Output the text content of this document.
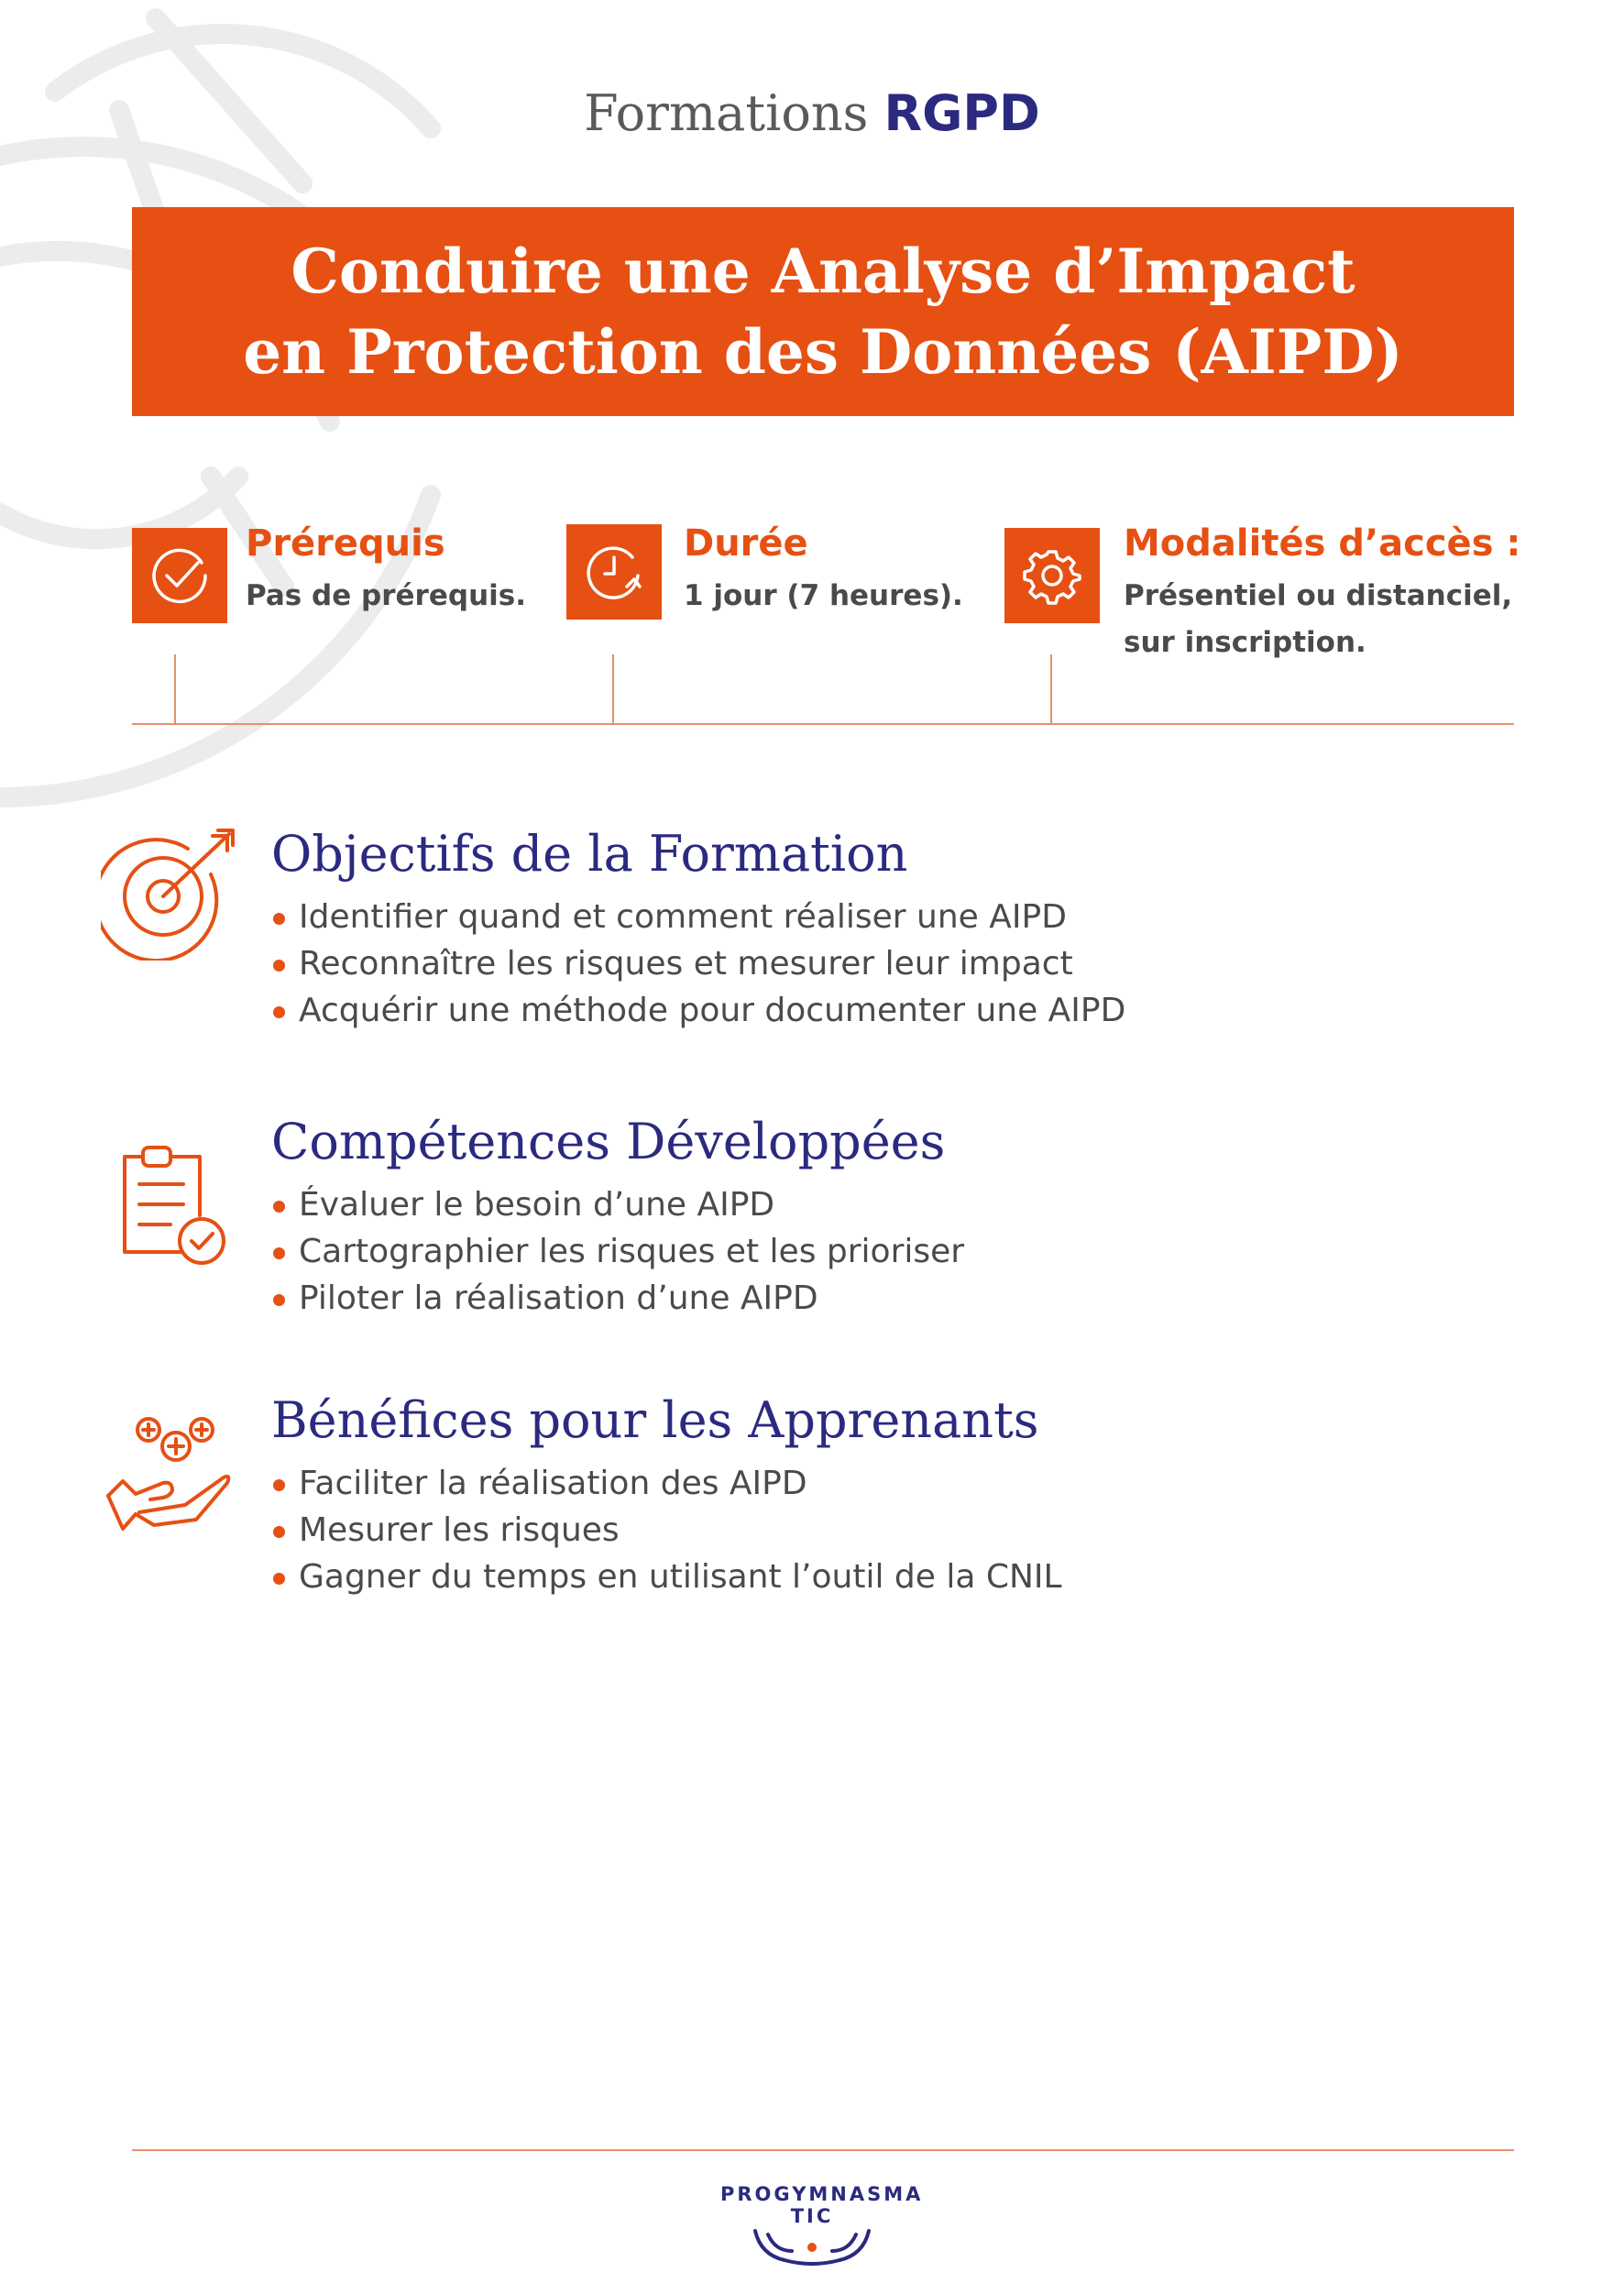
Formations RGPD
Conduire une Analyse d’Impact
en Protection des Données (AIPD)
Prérequis
Pas de prérequis.
Durée
1 jour (7 heures).
Modalités d’accès :
Présentiel ou distanciel,
sur inscription.
Objectifs de la Formation
Identifier quand et comment réaliser une AIPD
Reconnaître les risques et mesurer leur impact
Acquérir une méthode pour documenter une AIPD
Compétences Développées
Évaluer le besoin d’une AIPD
Cartographier les risques et les prioriser
Piloter la réalisation d’une AIPD
Bénéfices pour les Apprenants
Faciliter la réalisation des AIPD
Mesurer les risques
Gagner du temps en utilisant l’outil de la CNIL
PROGYMNASMA
TIC
